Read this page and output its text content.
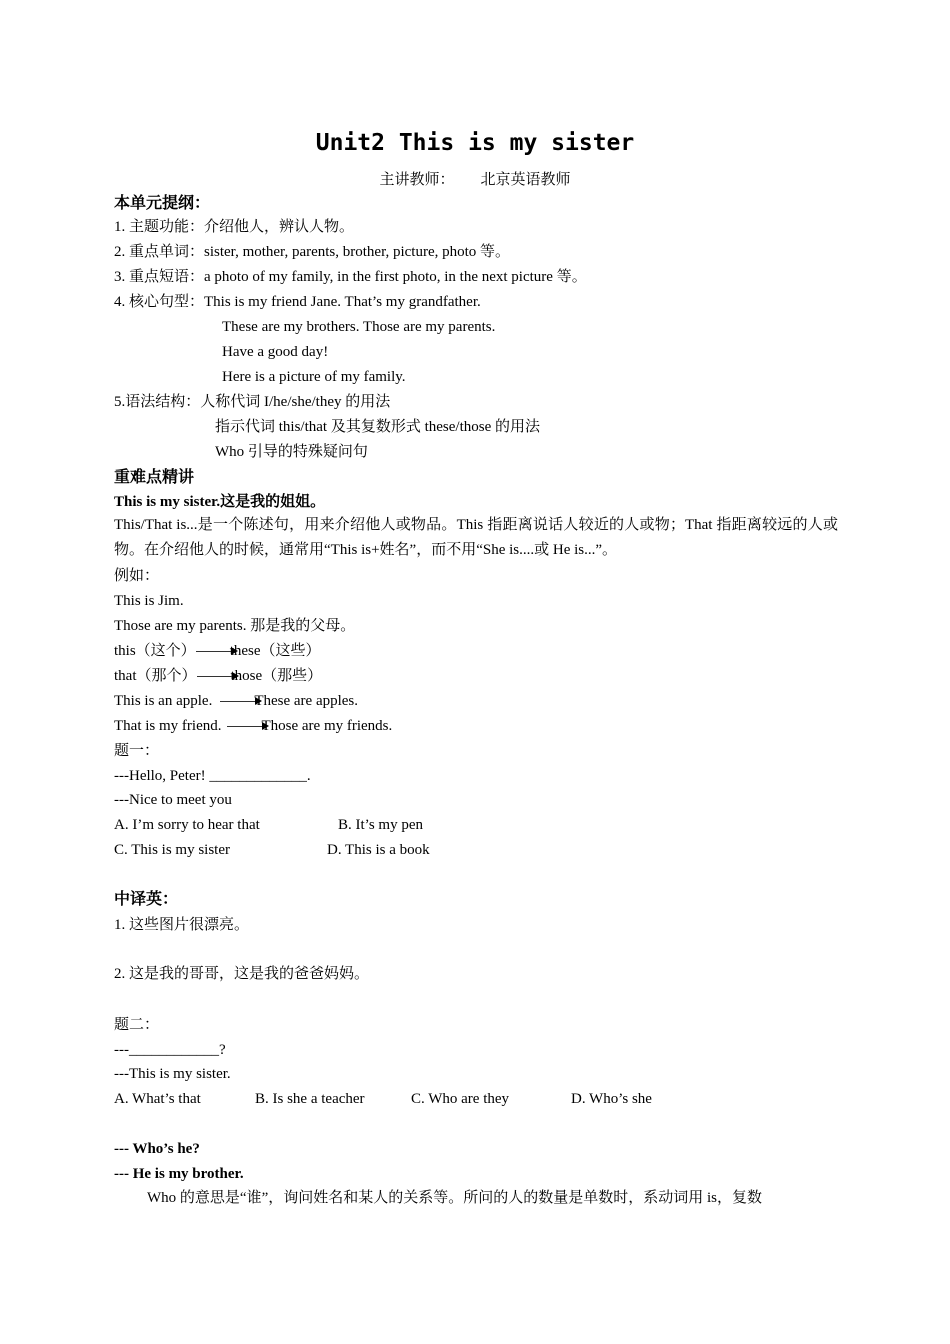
Unit2 This is my sister
主讲教师： 北京英语教师
本单元提纲：
1. 主题功能：介绍他人，辨认人物。
2. 重点单词：sister, mother, parents, brother, picture, photo 等。
3. 重点短语：a photo of my family, in the first photo, in the next picture 等。
4. 核心句型：This is my friend Jane. That’s my grandfather.
These are my brothers. Those are my parents.
Have a good day!
Here is a picture of my family.
5.语法结构：人称代词 I/he/she/they 的用法
指示代词 this/that 及其复数形式 these/those 的用法
Who 引导的特殊疑问句
重难点精讲
This is my sister.这是我的姐姐。
This/That is...是一个陈述句，用来介绍他人或物品。This 指距离说话人较近的人或物；That 指距离较远的人或物。在介绍他人的时候，通常用“This is+姓名”，而不用“She is....或 He is...”。
例如：
This is Jim.
Those are my parents. 那是我的父母。
this（这个） these（这些）
that（那个） those（那些）
This is an apple.	These are apples.
That is my friend.	Those are my friends.
题一：
---Hello, Peter! _____________.
---Nice to meet you
A. I’m sorry to hear that	B. It’s my pen
C. This is my sister	D. This is a book
中译英：
1. 这些图片很漂亮。
2. 这是我的哥哥，这是我的爸爸妈妈。
题二：
---____________?
---This is my sister.
A. What’s that	B. Is she a teacher	C. Who are they	D. Who’s she
--- Who’s he?
--- He is my brother.
Who 的意思是“谁”，询问姓名和某人的关系等。所问的人的数量是单数时，系动词用 is，复数
